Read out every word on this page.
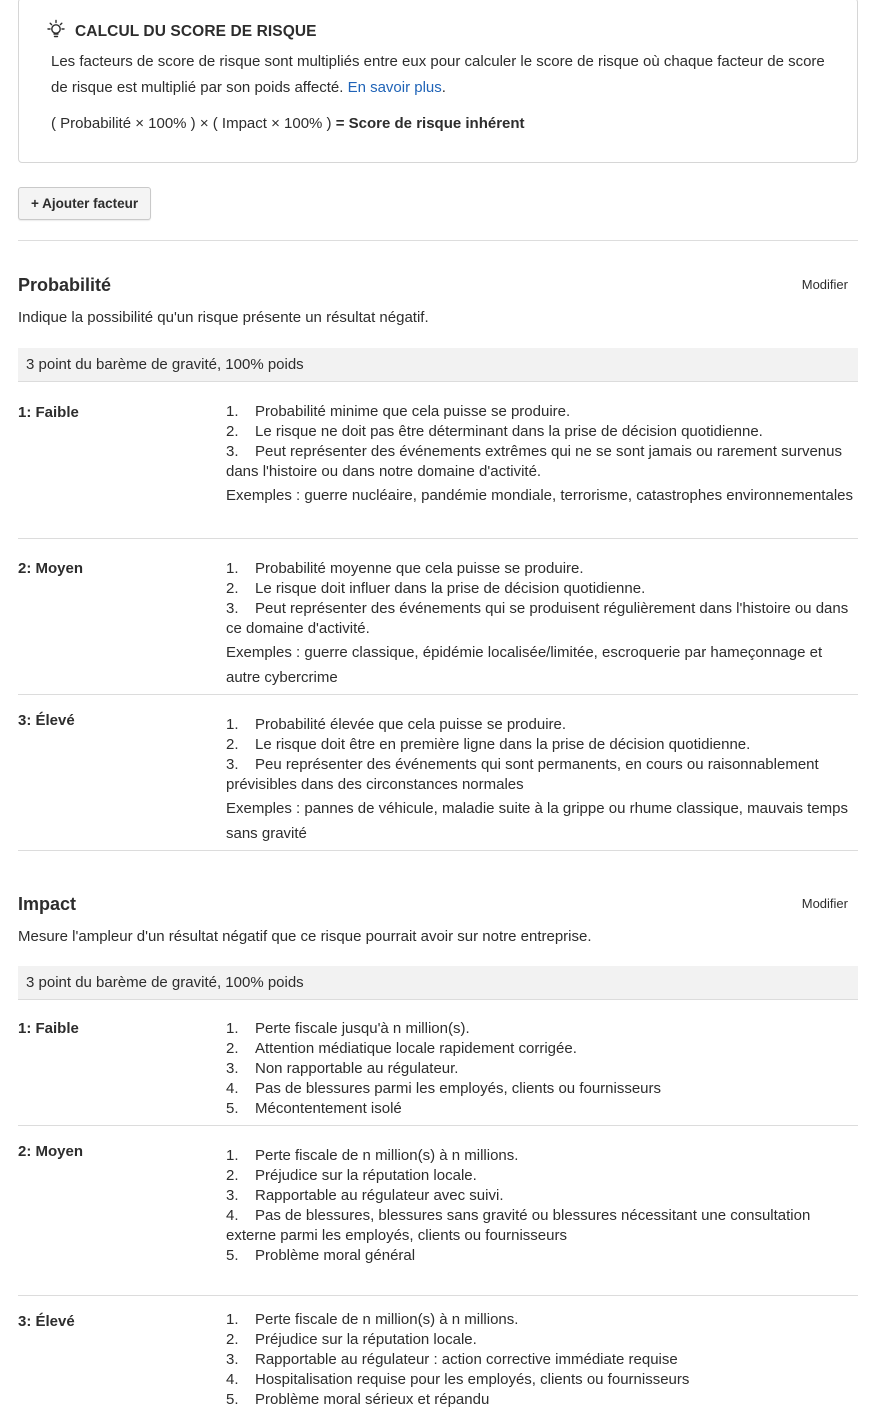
CALCUL DU SCORE DE RISQUE
Les facteurs de score de risque sont multipliés entre eux pour calculer le score de risque où chaque facteur de score de risque est multiplié par son poids affecté. En savoir plus.
( Probabilité × 100% ) × ( Impact × 100% ) = Score de risque inhérent
+ Ajouter facteur
Probabilité	Modifier
Indique la possibilité qu'un risque présente un résultat négatif.
3 point du barème de gravité, 100% poids
1: Faible	1. Probabilité minime que cela puisse se produire.
2. Le risque ne doit pas être déterminant dans la prise de décision quotidienne.
3. Peut représenter des événements extrêmes qui ne se sont jamais ou rarement survenus dans l'histoire ou dans notre domaine d'activité.
Exemples : guerre nucléaire, pandémie mondiale, terrorisme, catastrophes environnementales
2: Moyen	1. Probabilité moyenne que cela puisse se produire.
2. Le risque doit influer dans la prise de décision quotidienne.
3. Peut représenter des événements qui se produisent régulièrement dans l'histoire ou dans ce domaine d'activité.
Exemples : guerre classique, épidémie localisée/limitée, escroquerie par hameçonnage et autre cybercrime
3: Élevé	1. Probabilité élevée que cela puisse se produire.
2. Le risque doit être en première ligne dans la prise de décision quotidienne.
3. Peu représenter des événements qui sont permanents, en cours ou raisonnablement prévisibles dans des circonstances normales
Exemples : pannes de véhicule, maladie suite à la grippe ou rhume classique, mauvais temps sans gravité
Impact	Modifier
Mesure l'ampleur d'un résultat négatif que ce risque pourrait avoir sur notre entreprise.
3 point du barème de gravité, 100% poids
1: Faible	1. Perte fiscale jusqu'à n million(s).
2. Attention médiatique locale rapidement corrigée.
3. Non rapportable au régulateur.
4. Pas de blessures parmi les employés, clients ou fournisseurs
5. Mécontentement isolé
2: Moyen	1. Perte fiscale de n million(s) à n millions.
2. Préjudice sur la réputation locale.
3. Rapportable au régulateur avec suivi.
4. Pas de blessures, blessures sans gravité ou blessures nécessitant une consultation externe parmi les employés, clients ou fournisseurs
5. Problème moral général
3: Élevé	1. Perte fiscale de n million(s) à n millions.
2. Préjudice sur la réputation locale.
3. Rapportable au régulateur : action corrective immédiate requise
4. Hospitalisation requise pour les employés, clients ou fournisseurs
5. Problème moral sérieux et répandu
